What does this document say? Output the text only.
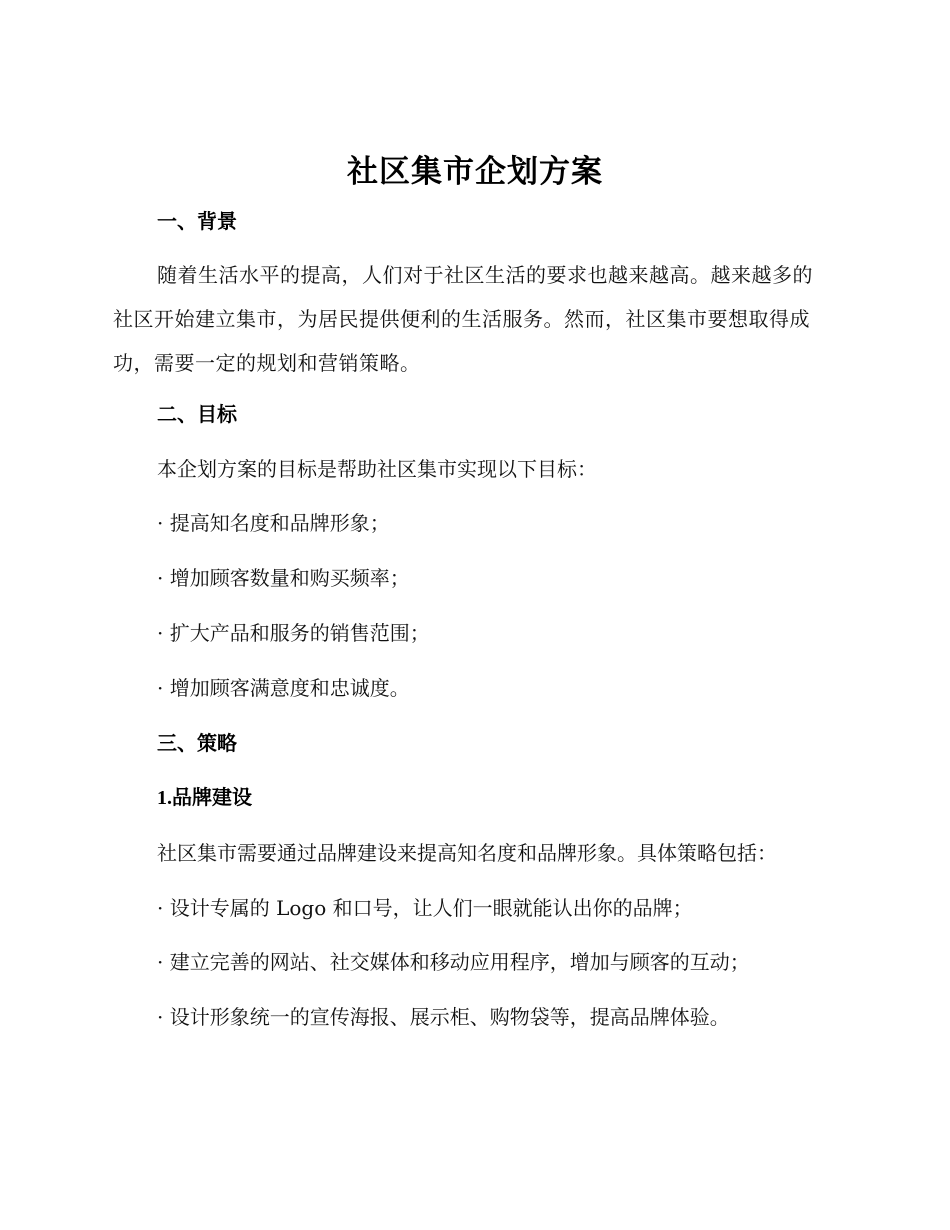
社区集市企划方案
一、背景
随着生活水平的提高，人们对于社区生活的要求也越来越高。越来越多的社区开始建立集市，为居民提供便利的生活服务。然而，社区集市要想取得成功，需要一定的规划和营销策略。
二、目标
本企划方案的目标是帮助社区集市实现以下目标：
· 提高知名度和品牌形象；
· 增加顾客数量和购买频率；
· 扩大产品和服务的销售范围；
· 增加顾客满意度和忠诚度。
三、策略
1.品牌建设
社区集市需要通过品牌建设来提高知名度和品牌形象。具体策略包括：
· 设计专属的 Logo 和口号，让人们一眼就能认出你的品牌；
· 建立完善的网站、社交媒体和移动应用程序，增加与顾客的互动；
· 设计形象统一的宣传海报、展示柜、购物袋等，提高品牌体验。
